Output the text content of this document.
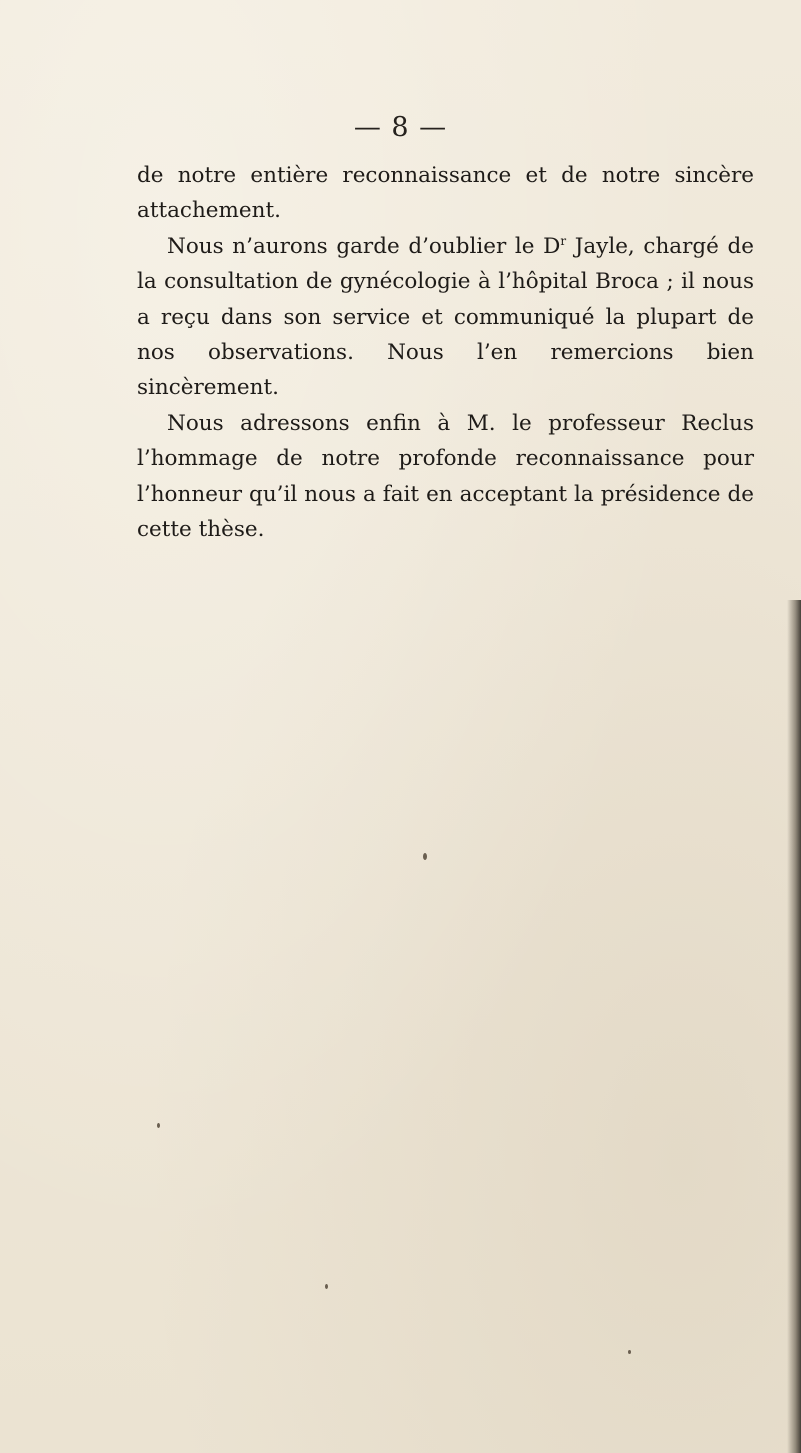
— 8 —

de notre entière reconnaissance et de notre sincère attachement.

Nous n’aurons garde d’oublier le $D^r$ Jayle, chargé de la consultation de gynécologie à l’hôpital Broca ; il nous a reçu dans son service et communiqué la plupart de nos observations. Nous l’en remercions bien sincèrement.

Nous adressons enfin à M. le professeur Reclus l’hommage de notre profonde reconnaissance pour l’honneur qu’il nous a fait en acceptant la présidence de cette thèse.
